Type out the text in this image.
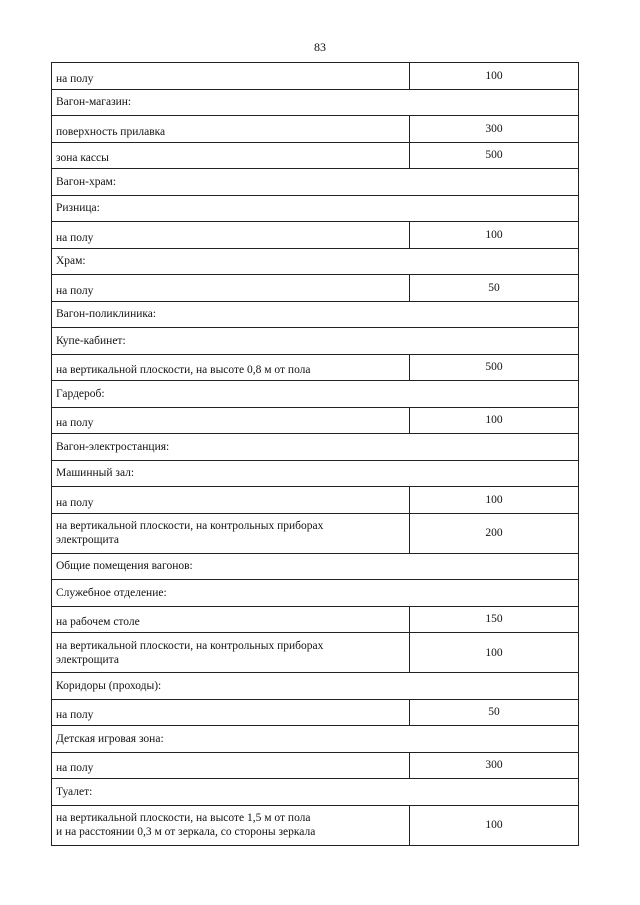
83
на полу	100
Вагон-магазин:	
поверхность прилавка	300
зона кассы	500
Вагон-храм:	
Ризница:	
на полу	100
Храм:	
на полу	50
Вагон-поликлиника:	
Купе-кабинет:	
на вертикальной плоскости, на высоте 0,8 м от пола	500
Гардероб:	
на полу	100
Вагон-электростанция:	
Машинный зал:	
на полу	100
на вертикальной плоскости, на контрольных приборах
электрощита	200
Общие помещения вагонов:	
Служебное отделение:	
на рабочем столе	150
на вертикальной плоскости, на контрольных приборах
электрощита	100
Коридоры (проходы):	
на полу	50
Детская игровая зона:	
на полу	300
Туалет:	
на вертикальной плоскости, на высоте 1,5 м от пола
и на расстоянии 0,3 м от зеркала, со стороны зеркала	100
